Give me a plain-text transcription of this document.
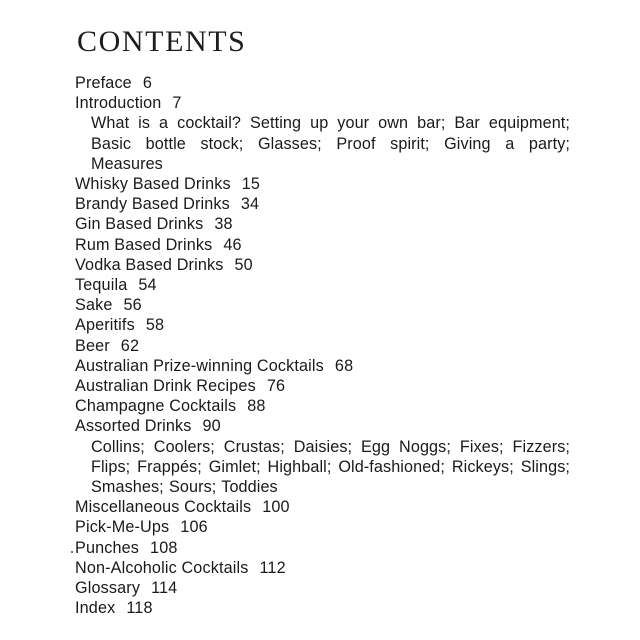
CONTENTS
Preface 6
Introduction 7
What is a cocktail? Setting up your own bar; Bar equipment; Basic bottle stock; Glasses; Proof spirit; Giving a party; Measures
Whisky Based Drinks 15
Brandy Based Drinks 34
Gin Based Drinks 38
Rum Based Drinks 46
Vodka Based Drinks 50
Tequila 54
Sake 56
Aperitifs 58
Beer 62
Australian Prize-winning Cocktails 68
Australian Drink Recipes 76
Champagne Cocktails 88
Assorted Drinks 90
Collins; Coolers; Crustas; Daisies; Egg Noggs; Fixes; Fizzers; Flips; Frappés; Gimlet; Highball; Old-fashioned; Rickeys; Slings; Smashes; Sours; Toddies
Miscellaneous Cocktails 100
Pick-Me-Ups 106
Punches 108
Non-Alcoholic Cocktails 112
Glossary 114
Index 118
